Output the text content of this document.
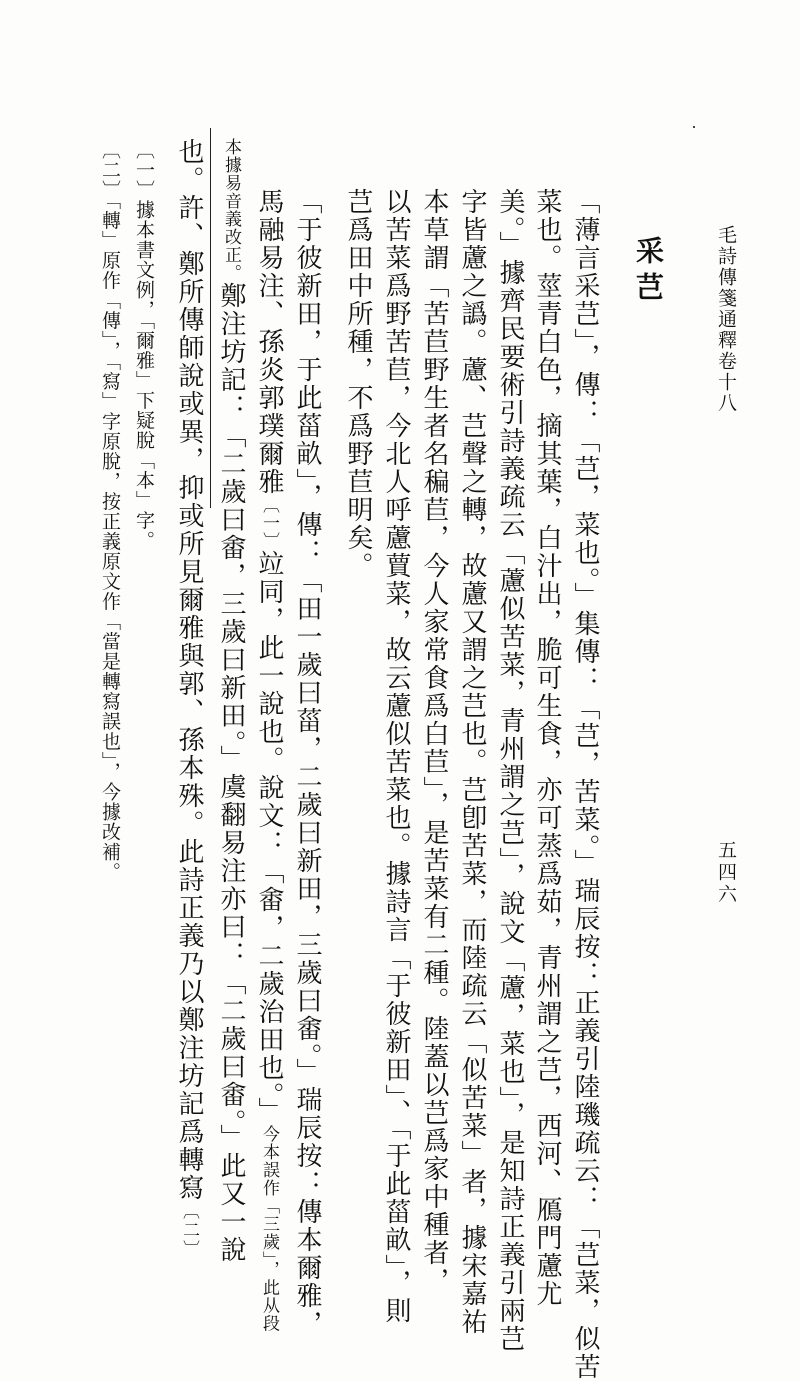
毛詩傳箋通釋卷十八
五四六
采芑
「薄言采芑」，傳：「芑，菜也。」集傳：「芑，苦菜。」瑞辰按：正義引陸璣疏云：「芑菜，似苦
菜也。莖青白色，摘其葉，白汁出，脆可生食，亦可蒸爲茹，青州謂之芑，西河、鴈門藘尤
美。」據齊民要術引詩義疏云「藘似苦菜，青州謂之芑」，說文「藘，菜也」，是知詩正義引兩芑
字皆藘之譌。藘、芑聲之轉，故藘又謂之芑也。芑卽苦菜，而陸疏云「似苦菜」者，據宋嘉祐
本草謂「苦苣野生者名稨苣，今人家常食爲白苣」，是苦菜有二種。陸蓋以芑爲家中種者，
以苦菜爲野苦苣，今北人呼藘蕒菜，故云藘似苦菜也。據詩言「于彼新田」、「于此菑畝」，則
芑爲田中所種，不爲野苣明矣。
「于彼新田，于此菑畝」，傳：「田一歲曰菑，二歲曰新田，三歲曰畬。」瑞辰按：傳本爾雅，
馬融易注、孫炎郭璞爾雅〔一〕竝同，此一說也。說文：「畬，二歲治田也。」今本誤作「三歲」，此从段
本據易音義改正。鄭注坊記：「二歲曰畬，三歲曰新田。」虞翻易注亦曰：「二歲曰畬。」此又一說
也。許、鄭所傳師說或異，抑或所見爾雅與郭、孫本殊。此詩正義乃以鄭注坊記爲轉寫〔二〕
〔一〕據本書文例，「爾雅」下疑脫「本」字。
〔二〕「轉」原作「傳」，「寫」字原脫，按正義原文作「當是轉寫誤也」，今據改補。
